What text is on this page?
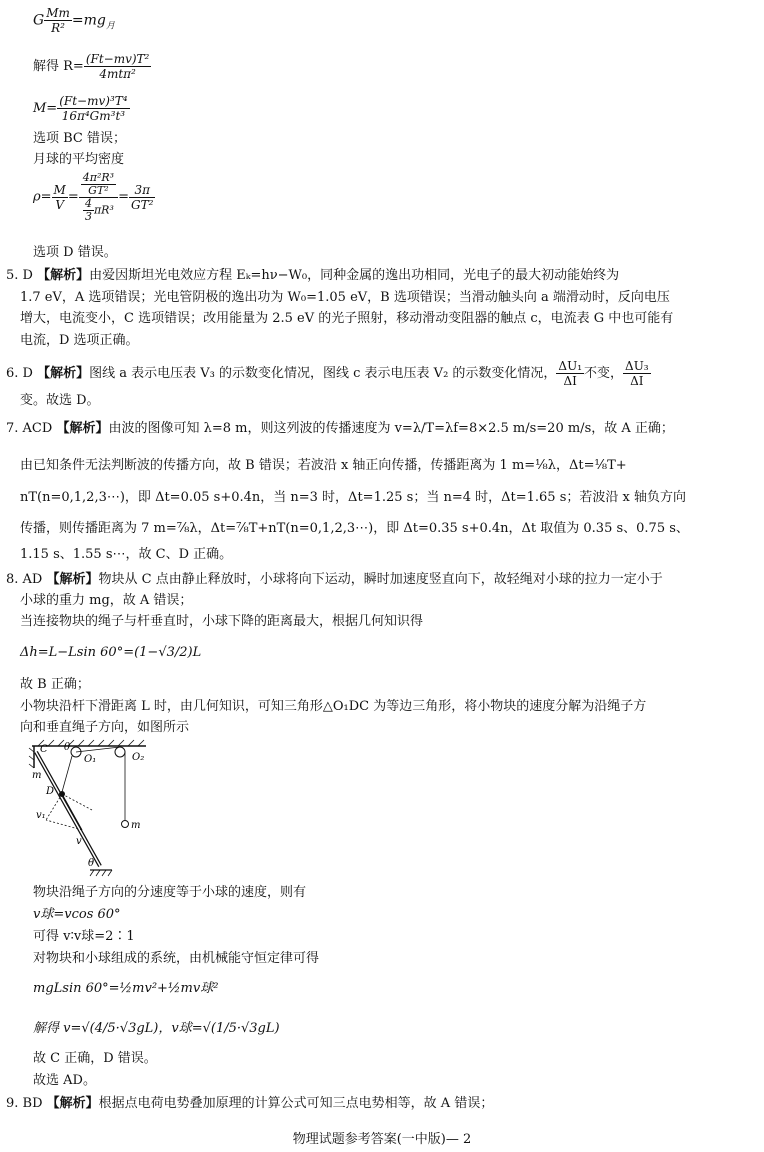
G $\frac{Mm}{\text{R²}} =mg_月$
解得 $R= \frac{\text{(Ft−mv)T²}}{\text{4mtπ²}}$
$M= \frac{\text{(Ft−mv)³T⁴}}{\text{16π⁴Gm³t³}}$
选项 BC 错误；
月球的平均密度
$\rho= \frac{M}{V} = \frac{\frac{\text{4π²R³}}{\text{GT²}}}{\frac{4}{3} \pi R^3} = \frac{3\pi}{\text{GT²}}$
选项 D 错误。
5. D 【解析】由爱因斯坦光电效应方程 Eₖ=hν−W₀，同种金属的逸出功相同，光电子的最大初动能始终为
1.7 eV，A 选项错误；光电管阴极的逸出功为 W₀=1.05 eV，B 选项错误；当滑动触头向 a 端滑动时，反向电压
增大，电流变小，C 选项错误；改用能量为 2.5 eV 的光子照射，移动滑动变阻器的触点 c，电流表 G 中也可能有
电流，D 选项正确。
6. D 【解析】图线 a 表示电压表 V₃ 的示数变化情况，图线 c 表示电压表 V₂ 的示数变化情况， $\frac{\text{ΔU₁}}{\Delta I}$ 不变， $\frac{\text{ΔU₃}}{\Delta I}$
变。故选 D。
7. ACD 【解析】由波的图像可知 λ=8 m，则这列波的传播速度为 v=λ/T=λf=8×2.5 m/s=20 m/s，故 A 正确；
由已知条件无法判断波的传播方向，故 B 错误；若波沿 x 轴正向传播，传播距离为 1 m=⅛λ，Δt=⅛T+
nT(n=0,1,2,3⋯)，即 Δt=0.05 s+0.4n，当 n=3 时，Δt=1.25 s；当 n=4 时，Δt=1.65 s；若波沿 x 轴负方向
传播，则传播距离为 7 m=⅞λ，Δt=⅞T+nT(n=0,1,2,3⋯)，即 Δt=0.35 s+0.4n，Δt 取值为 0.35 s、0.75 s、
1.15 s、1.55 s⋯，故 C、D 正确。
8. AD 【解析】物块从 C 点由静止释放时，小球将向下运动，瞬时加速度竖直向下，故轻绳对小球的拉力一定小于
小球的重力 mg，故 A 错误；
当连接物块的绳子与杆垂直时，小球下降的距离最大，根据几何知识得
Δh=L−Lsin 60°=(1−√3/2)L
故 B 正确；
小物块沿杆下滑距离 L 时，由几何知识，可知三角形△O₁DC 为等边三角形，将小物块的速度分解为沿绳子方
向和垂直绳子方向，如图所示
C θ
O₁	O₂
m
D
v₁
v
θ
m
物块沿绳子方向的分速度等于小球的速度，则有
v球=vcos 60°
可得 v∶v球=2∶1
对物块和小球组成的系统，由机械能守恒定律可得
mgLsin 60°=½mv²+½mv球²
解得 v=√(4/5·√3gL)，v球=√(1/5·√3gL)
故 C 正确，D 错误。
故选 AD。
9. BD 【解析】根据点电荷电势叠加原理的计算公式可知三点电势相等，故 A 错误；
物理试题参考答案(一中版)— 2
